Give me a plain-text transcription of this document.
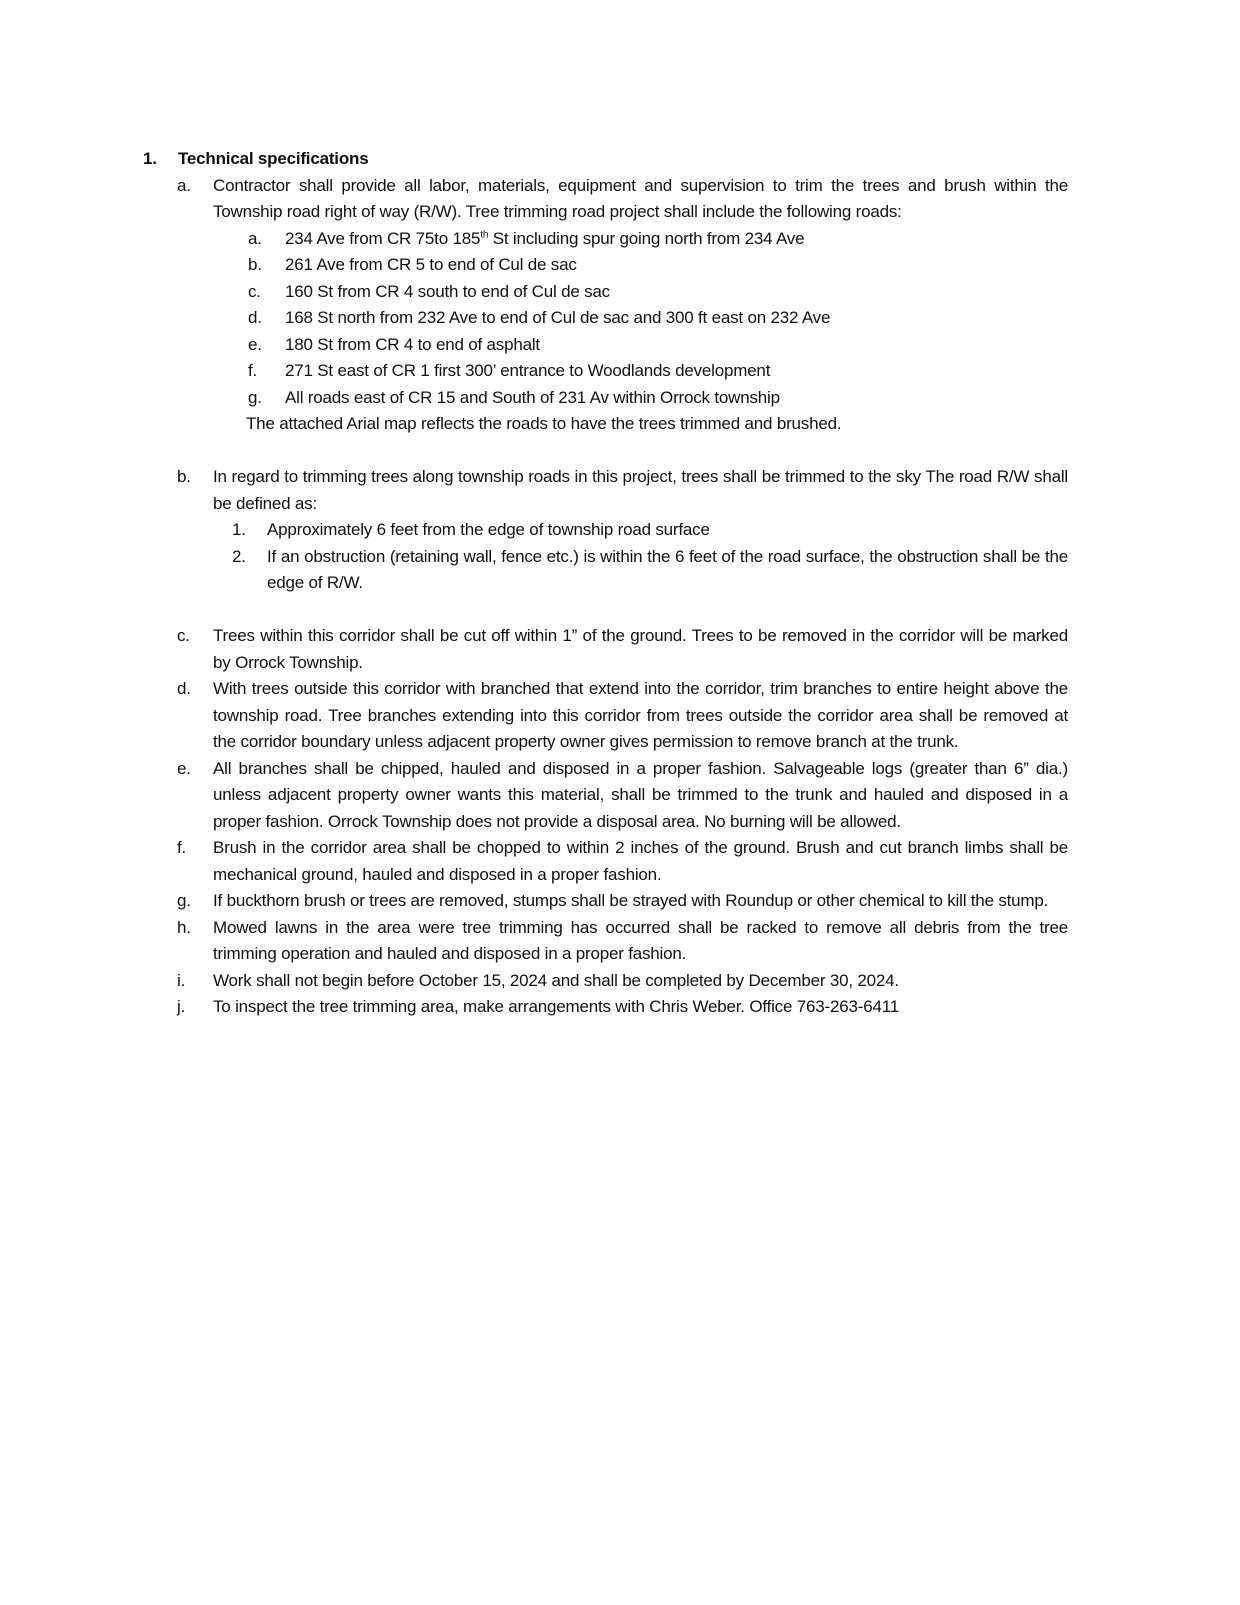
1. Technical specifications
a. Contractor shall provide all labor, materials, equipment and supervision to trim the trees and brush within the Township road right of way (R/W). Tree trimming road project shall include the following roads:
a. 234 Ave from CR 75to 185th St including spur going north from 234 Ave
b. 261 Ave from CR 5 to end of Cul de sac
c. 160 St from CR 4 south to end of Cul de sac
d. 168 St north from 232 Ave to end of Cul de sac and 300 ft east on 232 Ave
e. 180 St from CR 4 to end of asphalt
f. 271 St east of CR 1 first 300’ entrance to Woodlands development
g. All roads east of CR 15 and South of 231 Av within Orrock township
The attached Arial map reflects the roads to have the trees trimmed and brushed.
b. In regard to trimming trees along township roads in this project, trees shall be trimmed to the sky The road R/W shall be defined as:
1. Approximately 6 feet from the edge of township road surface
2. If an obstruction (retaining wall, fence etc.) is within the 6 feet of the road surface, the obstruction shall be the edge of R/W.
c. Trees within this corridor shall be cut off within 1” of the ground. Trees to be removed in the corridor will be marked by Orrock Township.
d. With trees outside this corridor with branched that extend into the corridor, trim branches to entire height above the township road. Tree branches extending into this corridor from trees outside the corridor area shall be removed at the corridor boundary unless adjacent property owner gives permission to remove branch at the trunk.
e. All branches shall be chipped, hauled and disposed in a proper fashion. Salvageable logs (greater than 6” dia.) unless adjacent property owner wants this material, shall be trimmed to the trunk and hauled and disposed in a proper fashion. Orrock Township does not provide a disposal area. No burning will be allowed.
f. Brush in the corridor area shall be chopped to within 2 inches of the ground. Brush and cut branch limbs shall be mechanical ground, hauled and disposed in a proper fashion.
g. If buckthorn brush or trees are removed, stumps shall be strayed with Roundup or other chemical to kill the stump.
h. Mowed lawns in the area were tree trimming has occurred shall be racked to remove all debris from the tree trimming operation and hauled and disposed in a proper fashion.
i. Work shall not begin before October 15, 2024 and shall be completed by December 30, 2024.
j. To inspect the tree trimming area, make arrangements with Chris Weber. Office 763-263-6411
